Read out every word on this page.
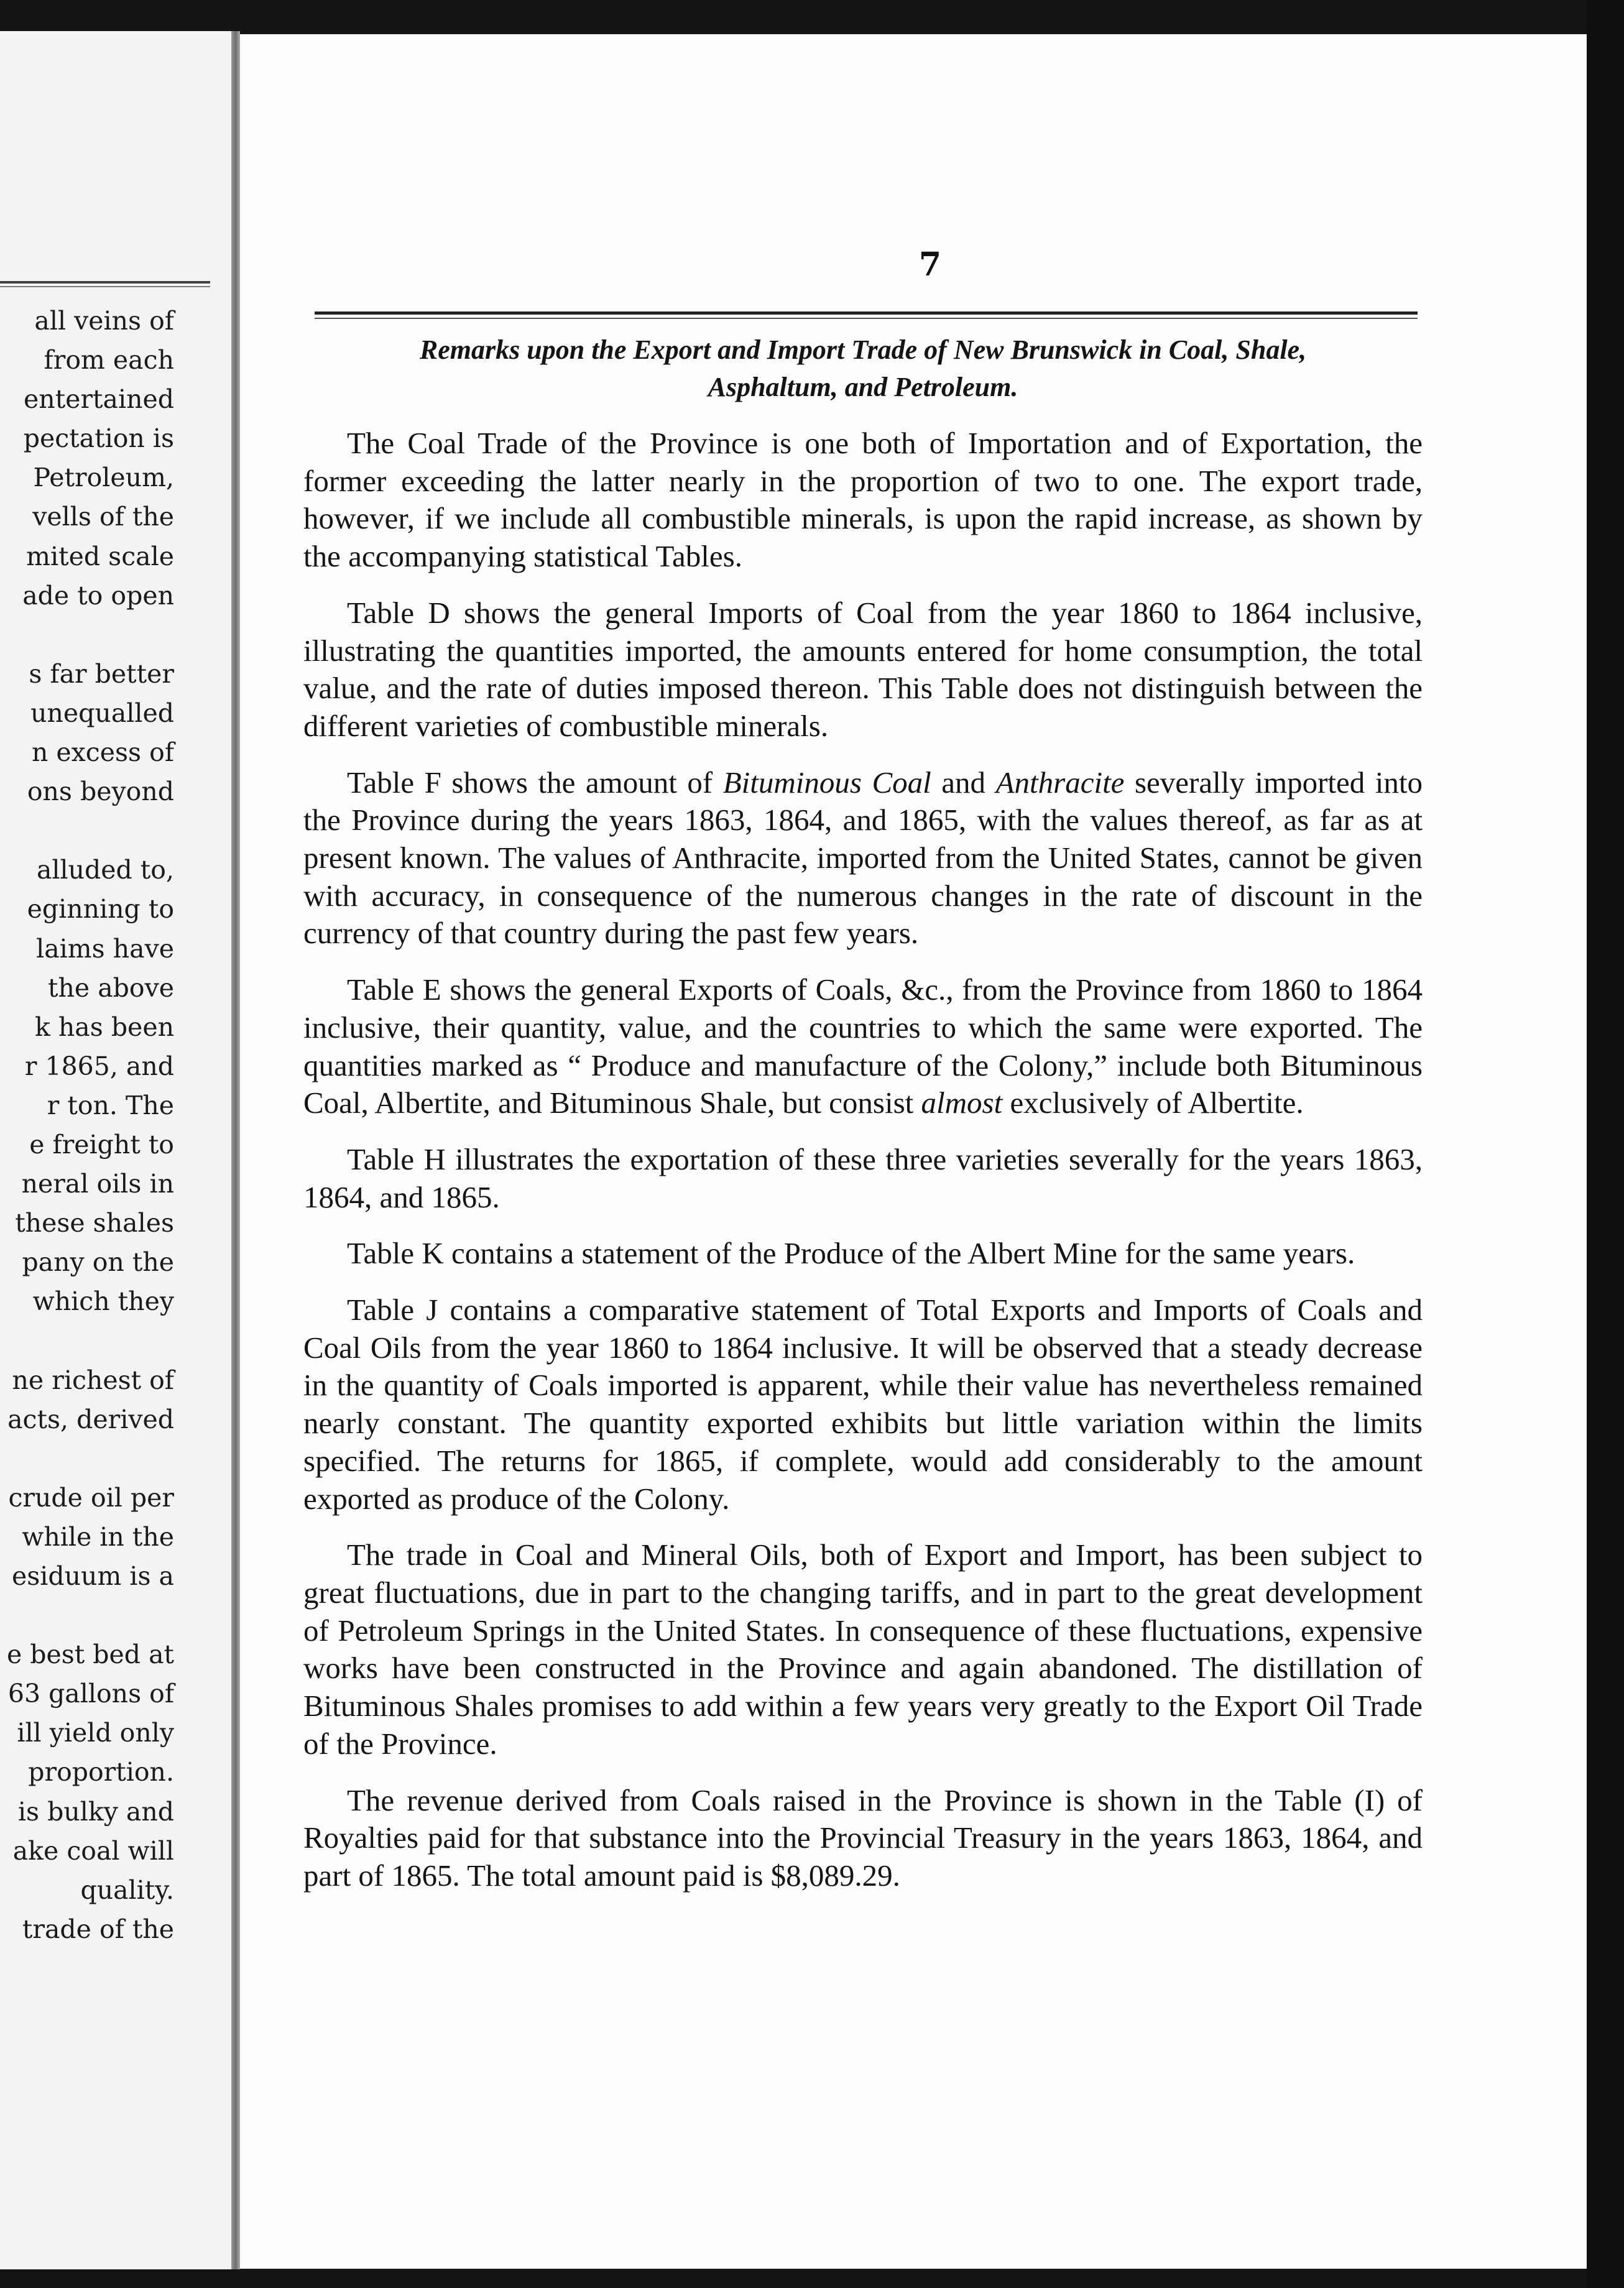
all veins of
from each
entertained
pectation is
Petroleum,
vells of the
mited scale
ade to open
s far better
unequalled
n excess of
ons beyond
alluded to,
eginning to
laims have
the above
k has been
r 1865, and
r ton. The
e freight to
neral oils in
these shales
pany on the
which they
ne richest of
acts, derived
crude oil per
while in the
esiduum is a
e best bed at
63 gallons of
ill yield only
proportion.
is bulky and
ake coal will
quality.
trade of the
7
Remarks upon the Export and Import Trade of New Brunswick in Coal, Shale,
Asphaltum, and Petroleum.

The Coal Trade of the Province is one both of Importation and of Exportation, the former exceeding the latter nearly in the proportion of two to one. The export trade, however, if we include all combustible minerals, is upon the rapid increase, as shown by the accompanying statistical Tables.

Table D shows the general Imports of Coal from the year 1860 to 1864 inclusive, illustrating the quantities imported, the amounts entered for home consumption, the total value, and the rate of duties imposed thereon. This Table does not distinguish between the different varieties of combustible minerals.

Table F shows the amount of Bituminous Coal and Anthracite severally imported into the Province during the years 1863, 1864, and 1865, with the values thereof, as far as at present known. The values of Anthracite, imported from the United States, cannot be given with accuracy, in consequence of the numerous changes in the rate of discount in the currency of that country during the past few years.

Table E shows the general Exports of Coals, &c., from the Province from 1860 to 1864 inclusive, their quantity, value, and the countries to which the same were exported. The quantities marked as “ Produce and manufacture of the Colony,” include both Bituminous Coal, Albertite, and Bituminous Shale, but consist almost exclusively of Albertite.

Table H illustrates the exportation of these three varieties severally for the years 1863, 1864, and 1865.

Table K contains a statement of the Produce of the Albert Mine for the same years.

Table J contains a comparative statement of Total Exports and Imports of Coals and Coal Oils from the year 1860 to 1864 inclusive. It will be observed that a steady decrease in the quantity of Coals imported is apparent, while their value has nevertheless remained nearly constant. The quantity exported exhibits but little variation within the limits specified. The returns for 1865, if complete, would add considerably to the amount exported as produce of the Colony.

The trade in Coal and Mineral Oils, both of Export and Import, has been subject to great fluctuations, due in part to the changing tariffs, and in part to the great development of Petroleum Springs in the United States. In consequence of these fluctuations, expensive works have been constructed in the Province and again abandoned. The distillation of Bituminous Shales promises to add within a few years very greatly to the Export Oil Trade of the Province.

The revenue derived from Coals raised in the Province is shown in the Table (I) of Royalties paid for that substance into the Provincial Treasury in the years 1863, 1864, and part of 1865. The total amount paid is $8,089.29.
